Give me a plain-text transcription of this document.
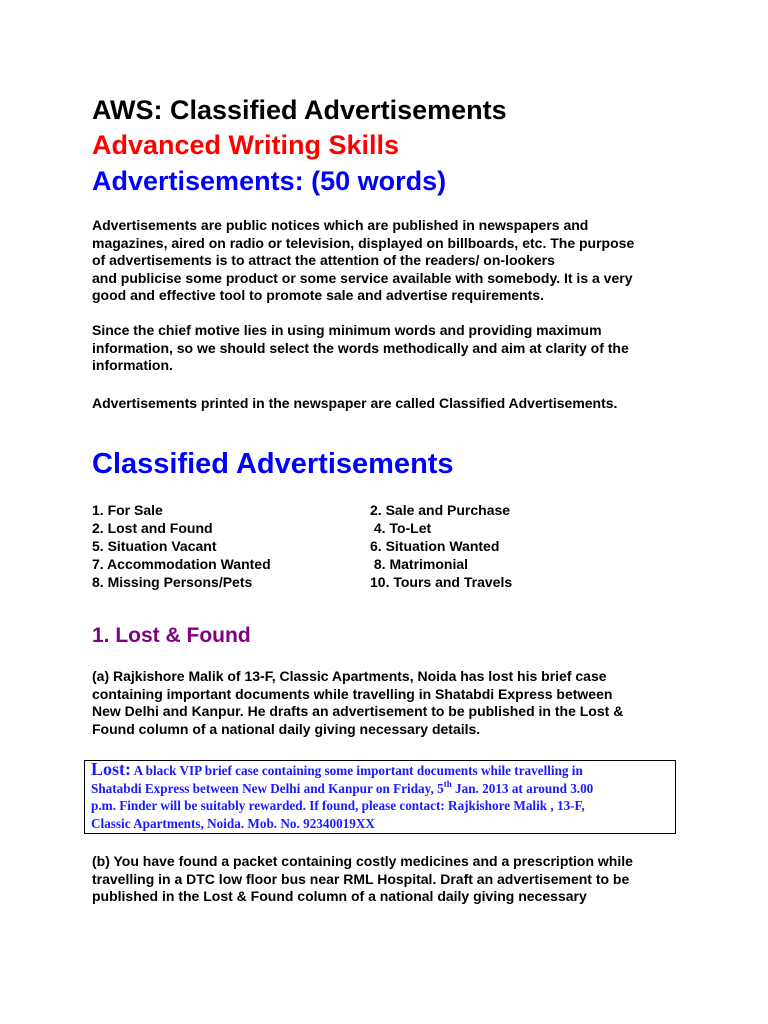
AWS: Classified Advertisements
Advanced Writing Skills
Advertisements: (50 words)
Advertisements are public notices which are published in newspapers and
magazines, aired on radio or television, displayed on billboards, etc. The purpose
of advertisements is to attract the attention of the readers/ on-lookers
and publicise some product or some service available with somebody. It is a very
good and effective tool to promote sale and advertise requirements.
Since the chief motive lies in using minimum words and providing maximum
information, so we should select the words methodically and aim at clarity of the
information.
Advertisements printed in the newspaper are called Classified Advertisements.
Classified Advertisements
1. For Sale	2. Sale and Purchase
2. Lost and Found	4. To-Let
5. Situation Vacant	6. Situation Wanted
7. Accommodation Wanted	8. Matrimonial
8. Missing Persons/Pets	10. Tours and Travels
1. Lost & Found
(a) Rajkishore Malik of 13-F, Classic Apartments, Noida has lost his brief case
containing important documents while travelling in Shatabdi Express between
New Delhi and Kanpur. He drafts an advertisement to be published in the Lost &
Found column of a national daily giving necessary details.
Lost: A black VIP brief case containing some important documents while travelling in
Shatabdi Express between New Delhi and Kanpur on Friday, 5th Jan. 2013 at around 3.00
p.m. Finder will be suitably rewarded. If found, please contact: Rajkishore Malik , 13-F,
Classic Apartments, Noida. Mob. No. 92340019XX
(b) You have found a packet containing costly medicines and a prescription while
travelling in a DTC low floor bus near RML Hospital. Draft an advertisement to be
published in the Lost & Found column of a national daily giving necessary
